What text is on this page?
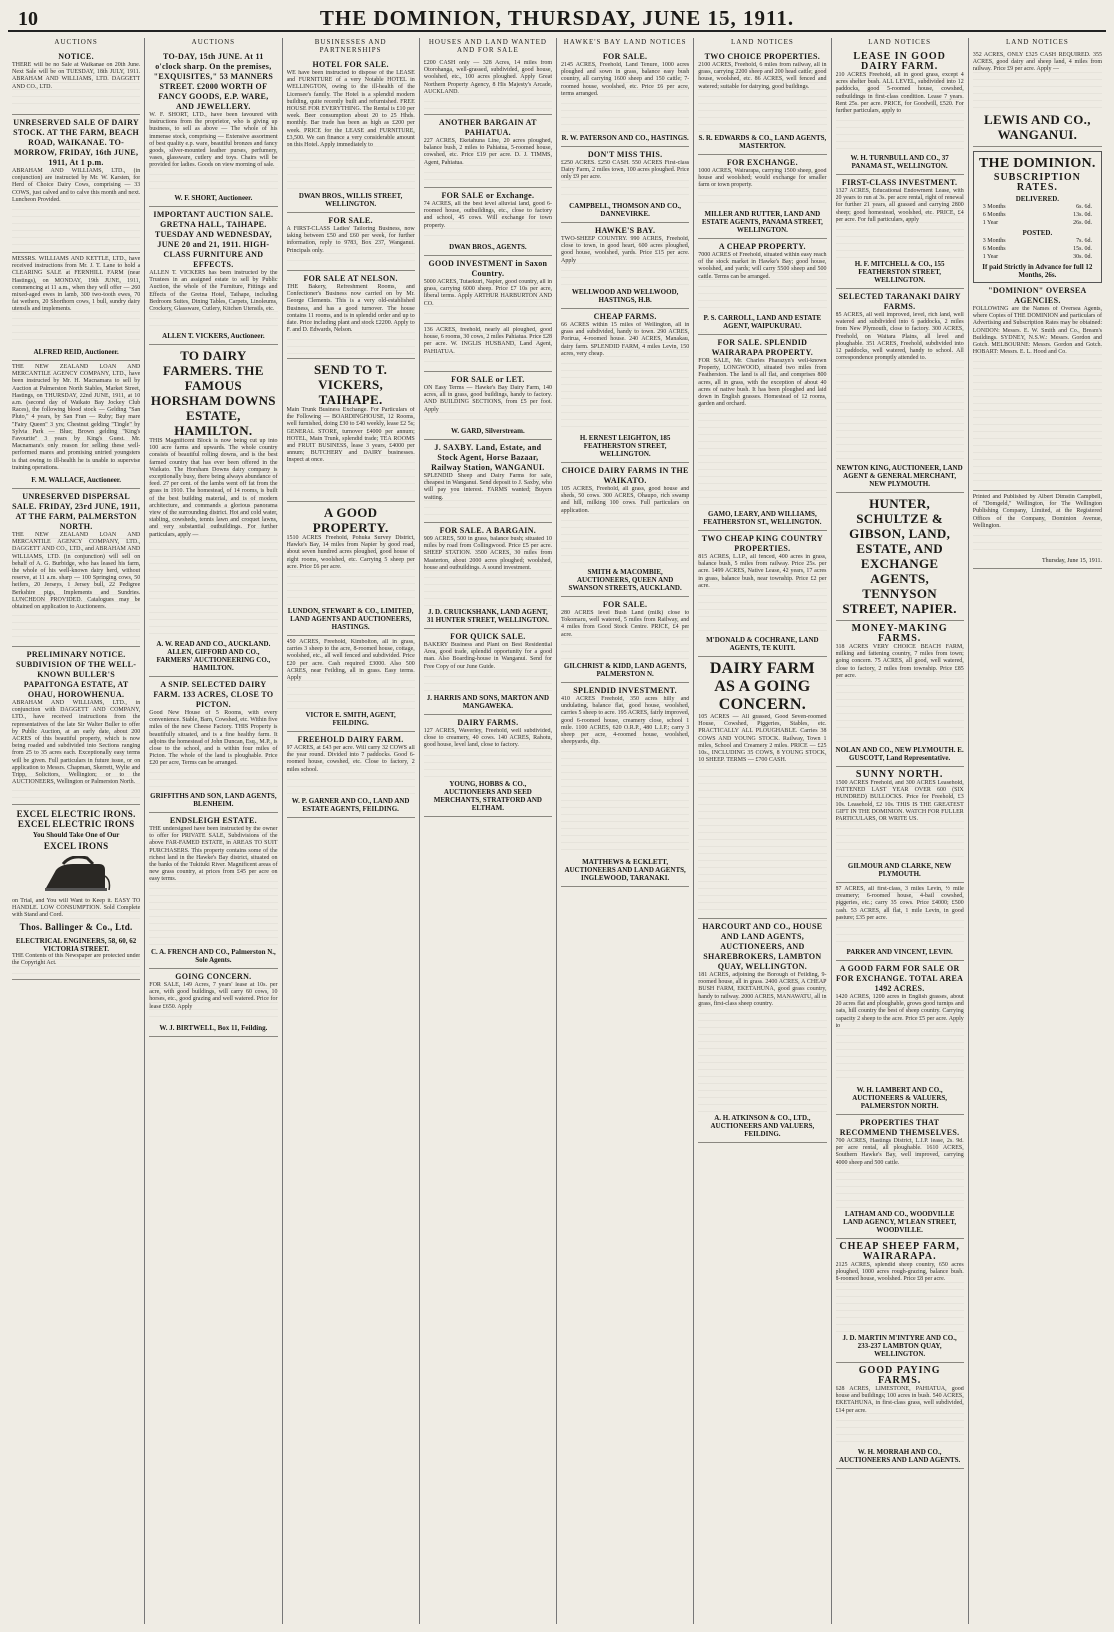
10	THE DOMINION, THURSDAY, JUNE 15, 1911.
AUCTIONS
NOTICE.
THERE will be no Sale at Waikanae on 20th June. Next Sale will be on TUESDAY, 18th JULY, 1911. ABRAHAM AND WILLIAMS, LTD. DAGGETT AND CO., LTD.
UNRESERVED SALE OF DAIRY STOCK. AT THE FARM, BEACH ROAD, WAIKANAE. TO-MORROW, FRIDAY, 16th JUNE, 1911, At 1 p.m.
ABRAHAM AND WILLIAMS, LTD., (in conjunction) are instructed by Mr. W. Karsten, for Herd of Choice Dairy Cows, comprising — 33 COWS, just calved and to calve this month and next. Luncheon Provided.
MESSRS. WILLIAMS AND KETTLE, LTD., have received instructions from Mr. J. T. Lane to hold a CLEARING SALE at FERNHILL FARM (near Hastings), on MONDAY, 19th JUNE, 1911, commencing at 11 a.m., when they will offer — 260 mixed-aged ewes in lamb, 300 two-tooth ewes, 70 fat wethers, 20 Shorthorn cows, 1 bull, sundry dairy utensils and implements.
ALFRED REID, Auctioneer.
THE NEW ZEALAND LOAN AND MERCANTILE AGENCY COMPANY, LTD., have been instructed by Mr. H. Macnamara to sell by Auction at Palmerston North Stables, Market Street, Hastings, on THURSDAY, 22nd JUNE, 1911, at 10 a.m. (second day of Waikato Bay Jockey Club Races), the following blood stock — Gelding "San Pluto," 4 years, by San Fran — Ruby; Bay mare "Fairy Queen" 3 yrs; Chestnut gelding "Tingle" by Sylvia Park — Blue; Brown gelding "King's Favourite" 3 years by King's Guest. Mr. Macnamara's only reason for selling these well-performed mares and promising untried youngsters is that owing to ill-health he is unable to supervise training operations.
F. M. WALLACE, Auctioneer.
UNRESERVED DISPERSAL SALE. FRIDAY, 23rd JUNE, 1911, AT THE FARM, PALMERSTON NORTH.
THE NEW ZEALAND LOAN AND MERCANTILE AGENCY COMPANY, LTD., DAGGETT AND CO., LTD., and ABRAHAM AND WILLIAMS, LTD. (in conjunction) will sell on behalf of A. G. Burbidge, who has leased his farm, the whole of his well-known dairy herd, without reserve, at 11 a.m. sharp — 100 Springing cows, 50 heifers, 20 Jerseys, 1 Jersey bull, 22 Pedigree Berkshire pigs, Implements and Sundries. LUNCHEON PROVIDED. Catalogues may be obtained on application to Auctioneers.
PRELIMINARY NOTICE. SUBDIVISION OF THE WELL-KNOWN BULLER'S PAPAITONGA ESTATE, AT OHAU, HOROWHENUA.
ABRAHAM AND WILLIAMS, LTD., in conjunction with DAGGETT AND COMPANY, LTD., have received instructions from the representatives of the late Sir Walter Buller to offer by Public Auction, at an early date, about 200 ACRES of this beautiful property, which is now being roaded and subdivided into Sections ranging from 25 to 35 acres each. Exceptionally easy terms will be given. Full particulars in future issue, or on application to Messrs. Chapman, Skerrett, Wylie and Tripp, Solicitors, Wellington; or to the AUCTIONEERS, Wellington or Palmerston North.
EXCEL ELECTRIC IRONS.
EXCEL ELECTRIC IRONS
You Should Take One of Our
EXCEL IRONS
on Trial, and You will Want to Keep it. EASY TO HANDLE. LOW CONSUMPTION. Sold Complete with Stand and Cord.
Thos. Ballinger & Co., Ltd.
ELECTRICAL ENGINEERS, 58, 60, 62 VICTORIA STREET.
THE Contents of this Newspaper are protected under the Copyright Act.
AUCTIONS
TO-DAY, 15th JUNE. At 11 o'clock sharp. On the premises, "EXQUISITES," 53 MANNERS STREET. £2000 WORTH OF FANCY GOODS, E.P. WARE, AND JEWELLERY.
W. F. SHORT, LTD., have been favoured with instructions from the proprietor, who is giving up business, to sell as above — The whole of his immense stock, comprising — Extensive assortment of best quality e.p. ware, beautiful bronzes and fancy goods, silver-mounted leather purses, perfumery, vases, glassware, cutlery and toys. Chairs will be provided for ladies. Goods on view morning of sale.
W. F. SHORT, Auctioneer.
IMPORTANT AUCTION SALE. GRETNA HALL, TAIHAPE. TUESDAY AND WEDNESDAY, JUNE 20 and 21, 1911. HIGH-CLASS FURNITURE AND EFFECTS.
ALLEN T. VICKERS has been instructed by the Trustees in an assigned estate to sell by Public Auction, the whole of the Furniture, Fittings and Effects of the Gretna Hotel, Taihape, including Bedroom Suites, Dining Tables, Carpets, Linoleums, Crockery, Glassware, Cutlery, Kitchen Utensils, etc.
ALLEN T. VICKERS, Auctioneer.
TO DAIRY FARMERS. THE FAMOUS HORSHAM DOWNS ESTATE, HAMILTON.
THIS Magnificent Block is now being cut up into 100 acre farms and upwards. The whole country consists of beautiful rolling downs, and is the best farmed country that has ever been offered in the Waikato. The Horsham Downs dairy company is exceptionally busy, there being always abundance of feed. 27 per cent. of the lambs went off fat from the grass in 1910. The homestead, of 14 rooms, is built of the best building material, and is of modern architecture, and commands a glorious panorama view of the surrounding district. Hot and cold water, stabling, cowsheds, tennis lawn and croquet lawns, and very substantial outbuildings. For further particulars, apply —
A. W. READ AND CO., AUCKLAND. ALLEN, GIFFORD AND CO., FARMERS' AUCTIONEERING CO., HAMILTON.
A SNIP. SELECTED DAIRY FARM. 133 ACRES, CLOSE TO PICTON.
Good New House of 5 Rooms, with every convenience. Stable, Barn, Cowshed, etc. Within five miles of the new Cheese Factory. THIS Property is beautifully situated, and is a fine healthy farm. It adjoins the homestead of John Duncan, Esq., M.P., is close to the school, and is within four miles of Picton. The whole of the land is ploughable. Price £20 per acre, Terms can be arranged.
GRIFFITHS AND SON, LAND AGENTS, BLENHEIM.
ENDSLEIGH ESTATE.
THE undersigned have been instructed by the owner to offer for PRIVATE SALE, Subdivisions of the above FAR-FAMED ESTATE, in AREAS TO SUIT PURCHASERS. This property contains some of the richest land in the Hawke's Bay district, situated on the banks of the Tukituki River. Magnificent areas of new grass country, at prices from £45 per acre on easy terms.
C. A. FRENCH AND CO., Palmerston N., Sole Agents.
GOING CONCERN.
FOR SALE, 149 Acres, 7 years' lease at 10s. per acre, with good buildings, will carry 60 cows, 10 horses, etc., good grazing and well watered. Price for lease £650. Apply
W. J. BIRTWELL, Box 11, Feilding.
BUSINESSES AND PARTNERSHIPS
HOTEL FOR SALE.
WE have been instructed to dispose of the LEASE and FURNITURE of a very Notable HOTEL in WELLINGTON, owing to the ill-health of the Licensee's family. The Hotel is a splendid modern building, quite recently built and refurnished. FREE HOUSE FOR EVERYTHING. The Rental is £10 per week. Beer consumption about 20 to 25 Hhds. monthly. Bar trade has been as high as £200 per week. PRICE for the LEASE and FURNITURE, £3,500. We can finance a very considerable amount on this Hotel. Apply immediately to
DWAN BROS., WILLIS STREET, WELLINGTON.
FOR SALE.
A FIRST-CLASS Ladies' Tailoring Business, now taking between £50 and £60 per week, for further information, reply to 9783, Box 237, Wanganui. Principals only.
FOR SALE AT NELSON.
THE Bakery, Refreshment Rooms, and Confectioner's Business now carried on by Mr. George Clements. This is a very old-established Business, and has a good turnover. The house contains 11 rooms, and is in splendid order and up to date. Price including plant and stock £2200. Apply to F. and D. Edwards, Nelson.
SEND TO T. VICKERS, TAIHAPE.
Main Trunk Business Exchange. For Particulars of the Following — BOARDINGHOUSE, 12 Rooms, well furnished, doing £30 to £40 weekly, lease £2 5s; GENERAL STORE, turnover £4000 per annum; HOTEL, Main Trunk, splendid trade; TEA ROOMS and FRUIT BUSINESS, lease 3 years, £4000 per annum; BUTCHERY and DAIRY businesses. Inspect at once.
A GOOD PROPERTY.
1510 ACRES Freehold, Pohuka Survey District, Hawke's Bay, 14 miles from Napier by good road, about seven hundred acres ploughed, good house of eight rooms, woolshed, etc. Carrying 5 sheep per acre. Price £6 per acre.
LUNDON, STEWART & CO., LIMITED, LAND AGENTS AND AUCTIONEERS, HASTINGS.
450 ACRES, Freehold, Kimbolton, all in grass, carries 3 sheep to the acre, 8-roomed house, cottage, woolshed, etc., all well fenced and subdivided. Price £20 per acre. Cash required £3000. Also 500 ACRES, near Feilding, all in grass. Easy terms. Apply
VICTOR E. SMITH, AGENT, FEILDING.
FREEHOLD DAIRY FARM.
97 ACRES, at £43 per acre. Will carry 32 COWS all the year round. Divided into 7 paddocks. Good 6-roomed house, cowshed, etc. Close to factory, 2 miles school.
W. P. GARNER AND CO., LAND AND ESTATE AGENTS, FEILDING.
HOUSES AND LAND WANTED AND FOR SALE
£200 CASH only — 328 Acres, 14 miles from Otorohanga, well-grassed, subdivided, good house, woolshed, etc., 100 acres ploughed. Apply Great Northern Property Agency, 8 His Majesty's Arcade, AUCKLAND.
ANOTHER BARGAIN AT PAHIATUA.
227 ACRES, Eketahuna Line, 20 acres ploughed, balance bush, 2 miles to Pahiatua, 5-roomed house, cowshed, etc. Price £19 per acre. D. J. TIMMS, Agent, Pahiatua.
FOR SALE or Exchange.
74 ACRES, all the best level alluvial land, good 6-roomed house, outbuildings, etc., close to factory and school, 45 cows. Will exchange for town property.
DWAN BROS., AGENTS.
GOOD INVESTMENT in Saxon Country.
5000 ACRES, Tutaekuri, Napier, good country, all in grass, carrying 6000 sheep. Price £7 10s per acre, liberal terms. Apply ARTHUR HARBURTON AND CO.
136 ACRES, freehold, nearly all ploughed, good house, 6 rooms, 30 cows, 2 miles Pahiatua. Price £28 per acre. W. INGLIS HUSBAND, Land Agent, PAHIATUA.
FOR SALE or LET.
ON Easy Terms — Hawke's Bay Dairy Farm, 140 acres, all in grass, good buildings, handy to factory. AND BUILDING SECTIONS, from £5 per foot. Apply
W. GARD, Silverstream.
J. SAXBY. Land, Estate, and Stock Agent, Horse Bazaar, Railway Station, WANGANUI.
SPLENDID Sheep and Dairy Farms for sale, cheapest in Wanganui. Send deposit to J. Saxby, who will pay you interest. FARMS wanted; Buyers waiting.
FOR SALE. A BARGAIN.
909 ACRES, 500 in grass, balance bush; situated 10 miles by road from Collingwood. Price £5 per acre. SHEEP STATION. 3500 ACRES, 30 miles from Masterton, about 2000 acres ploughed; woolshed, house and outbuildings. A sound investment.
J. D. CRUICKSHANK, LAND AGENT, 31 HUNTER STREET, WELLINGTON.
FOR QUICK SALE.
BAKERY Business and Plant on Best Residential Area, good trade, splendid opportunity for a good man. Also Boarding-house in Wanganui. Send for Free Copy of our June Guide.
J. HARRIS AND SONS, MARTON AND MANGAWEKA.
DAIRY FARMS.
127 ACRES, Waverley, Freehold, well subdivided, close to creamery, 40 cows. 140 ACRES, Rahotu, good house, level land, close to factory.
YOUNG, HOBBS & CO., AUCTIONEERS AND SEED MERCHANTS, STRATFORD AND ELTHAM.
HAWKE'S BAY LAND NOTICES
FOR SALE.
2145 ACRES, Freehold, Land Tenure, 1000 acres ploughed and sown in grass, balance easy bush country, all carrying 1600 sheep and 150 cattle; 7-roomed house, woolshed, etc. Price £6 per acre, terms arranged.
R. W. PATERSON AND CO., HASTINGS.
DON'T MISS THIS.
£250 ACRES. £250 CASH. 550 ACRES First-class Dairy Farm, 2 miles town, 100 acres ploughed. Price only £9 per acre.
CAMPBELL, THOMSON AND CO., DANNEVIRKE.
HAWKE'S BAY.
TWO-SHEEP COUNTRY. 990 ACRES, Freehold, close to town, in good heart, 600 acres ploughed, good house, woolshed, yards. Price £15 per acre. Apply
WELLWOOD AND WELLWOOD, HASTINGS, H.B.
CHEAP FARMS.
66 ACRES within 15 miles of Wellington, all in grass and subdivided, handy to town. 290 ACRES, Porirua, 4-roomed house. 240 ACRES, Manakau, dairy farm. SPLENDID FARM, 4 miles Levin, 150 acres, very cheap.
H. ERNEST LEIGHTON, 185 FEATHERSTON STREET, WELLINGTON.
CHOICE DAIRY FARMS IN THE WAIKATO.
105 ACRES, Freehold, all grass, good house and sheds, 50 cows. 300 ACRES, Ohaupo, rich swamp and hill, milking 100 cows. Full particulars on application.
SMITH & MACOMBIE, AUCTIONEERS, QUEEN AND SWANSON STREETS, AUCKLAND.
FOR SALE.
280 ACRES level Bush Land (milk) close to Tokomaru, well watered, 5 miles from Railway, and 4 miles from Good Stock Centre. PRICE, £4 per acre.
GILCHRIST & KIDD, LAND AGENTS, PALMERSTON N.
SPLENDID INVESTMENT.
410 ACRES Freehold, 350 acres hilly and undulating, balance flat, good house, woolshed, carries 5 sheep to acre. 195 ACRES, fairly improved, good 6-roomed house, creamery close, school 1 mile. 1100 ACRES, 620 O.R.P., 480 L.I.P.; carry 3 sheep per acre, 4-roomed house, woolshed, sheepyards, dip.
MATTHEWS & ECKLETT, AUCTIONEERS AND LAND AGENTS, INGLEWOOD, TARANAKI.
LAND NOTICES
TWO CHOICE PROPERTIES.
2100 ACRES, Freehold, 6 miles from railway, all in grass, carrying 2200 sheep and 200 head cattle; good house, woolshed, etc. 86 ACRES, well fenced and watered; suitable for dairying, good buildings.
S. R. EDWARDS & CO., LAND AGENTS, MASTERTON.
FOR EXCHANGE.
1000 ACRES, Wairarapa, carrying 1500 sheep, good house and woolshed; would exchange for smaller farm or town property.
MILLER AND RUTTER, LAND AND ESTATE AGENTS, PANAMA STREET, WELLINGTON.
A CHEAP PROPERTY.
7000 ACRES of Freehold, situated within easy reach of the stock market in Hawke's Bay; good house, woolshed, and yards; will carry 5500 sheep and 500 cattle. Terms can be arranged.
P. S. CARROLL, LAND AND ESTATE AGENT, WAIPUKURAU.
FOR SALE. SPLENDID WAIRARAPA PROPERTY.
FOR SALE, Mr. Charles Pharazyn's well-known Property, LONGWOOD, situated two miles from Featherston. The land is all flat, and comprises 800 acres, all in grass, with the exception of about 40 acres of native bush. It has been ploughed and laid down in English grasses. Homestead of 12 rooms, garden and orchard.
GAMO, LEARY, AND WILLIAMS, FEATHERSTON ST., WELLINGTON.
TWO CHEAP KING COUNTRY PROPERTIES.
815 ACRES, L.I.P., all fenced, 400 acres in grass, balance bush, 5 miles from railway. Price 25s. per acre. 1499 ACRES, Native Lease, 42 years, 17 acres in grass, balance bush, near township. Price £2 per acre.
M'DONALD & COCHRANE, LAND AGENTS, TE KUITI.
DAIRY FARM AS A GOING CONCERN.
105 ACRES — All grassed, Good Seven-roomed House, Cowshed, Piggeries, Stables, etc. PRACTICALLY ALL PLOUGHABLE. Carries 38 COWS AND YOUNG STOCK. Railway, Town 1 miles, School and Creamery 2 miles. PRICE — £25 10s., INCLUDING 35 COWS, 8 YOUNG STOCK, 10 SHEEP. TERMS — £700 CASH.
HARCOURT AND CO., HOUSE AND LAND AGENTS, AUCTIONEERS, AND SHAREBROKERS, LAMBTON QUAY, WELLINGTON.
181 ACRES, adjoining the Borough of Feilding, 9-roomed house, all in grass. 2400 ACRES, A CHEAP BUSH FARM, EKETAHUNA, good grass country, handy to railway. 2000 ACRES, MANAWATU, all in grass, first-class sheep country.
A. H. ATKINSON & CO., LTD., AUCTIONEERS AND VALUERS, FEILDING.
LAND NOTICES
LEASE IN GOOD DAIRY FARM.
210 ACRES Freehold, all in good grass, except 4 acres shelter bush. ALL LEVEL, subdivided into 12 paddocks, good 5-roomed house, cowshed, outbuildings in first-class condition. Lease 7 years. Rent 25s. per acre. PRICE, for Goodwill, £520. For further particulars, apply to
W. H. TURNBULL AND CO., 37 PANAMA ST., WELLINGTON.
FIRST-CLASS INVESTMENT.
1327 ACRES, Educational Endowment Lease, with 20 years to run at 3s. per acre rental, right of renewal for further 21 years, all grassed and carrying 2800 sheep; good homestead, woolshed, etc. PRICE, £4 per acre. For full particulars, apply
H. F. MITCHELL & CO., 155 FEATHERSTON STREET, WELLINGTON.
SELECTED TARANAKI DAIRY FARMS.
85 ACRES, all well improved, level, rich land, well watered and subdivided into 6 paddocks, 2 miles from New Plymouth, close to factory. 300 ACRES, Freehold, on Waitara Plains, all level and ploughable. 351 ACRES, Freehold, subdivided into 12 paddocks, well watered, handy to school. All correspondence promptly attended to.
NEWTON KING, AUCTIONEER, LAND AGENT & GENERAL MERCHANT, NEW PLYMOUTH.
HUNTER, SCHULTZE & GIBSON, LAND, ESTATE, AND EXCHANGE AGENTS, TENNYSON STREET, NAPIER.
MONEY-MAKING FARMS.
318 ACRES VERY CHOICE BEACH FARM, milking and fattening country, 7 miles from town; going concern. 75 ACRES, all good, well watered, close to factory, 2 miles from township. Price £85 per acre.
NOLAN AND CO., NEW PLYMOUTH. E. GUSCOTT, Land Representative.
SUNNY NORTH.
1500 ACRES Freehold, and 300 ACRES Leasehold, FATTENED LAST YEAR OVER 600 (SIX HUNDRED) BULLOCKS. Price for Freehold, £3 10s. Leasehold, £2 10s. THIS IS THE GREATEST GIFT IN THE DOMINION. WATCH FOR FULLER PARTICULARS, OR WRITE US.
GILMOUR AND CLARKE, NEW PLYMOUTH.
87 ACRES, all first-class, 3 miles Levin, ½ mile creamery; 6-roomed house, 4-bail cowshed, piggeries, etc.; carry 35 cows. Price £4000; £500 cash. 53 ACRES, all flat, 1 mile Levin, in good pasture; £35 per acre.
PARKER AND VINCENT, LEVIN.
A GOOD FARM FOR SALE OR FOR EXCHANGE. TOTAL AREA 1492 ACRES.
1420 ACRES, 1200 acres in English grasses, about 20 acres flat and ploughable, grows good turnips and oats, hill country the best of sheep country. Carrying capacity 2 sheep to the acre. Price £5 per acre. Apply to
W. H. LAMBERT AND CO., AUCTIONEERS & VALUERS, PALMERSTON NORTH.
PROPERTIES THAT RECOMMEND THEMSELVES.
700 ACRES, Hastings District, L.I.P. lease, 2s. 9d. per acre rental, all ploughable. 1610 ACRES, Southern Hawke's Bay, well improved, carrying 4000 sheep and 500 cattle.
LATHAM AND CO., WOODVILLE LAND AGENCY, M'LEAN STREET, WOODVILLE.
CHEAP SHEEP FARM, WAIRARAPA.
2125 ACRES, splendid sheep country, 650 acres ploughed, 1000 acres rough-grazing, balance bush. 8-roomed house, woolshed. Price £8 per acre.
J. D. MARTIN M'INTYRE AND CO., 233-237 LAMBTON QUAY, WELLINGTON.
GOOD PAYING FARMS.
628 ACRES, LIMESTONE, PAHIATUA, good house and buildings; 100 acres in bush. 540 ACRES, EKETAHUNA, in first-class grass, well subdivided, £14 per acre.
W. H. MORRAH AND CO., AUCTIONEERS AND LAND AGENTS.
LAND NOTICES
352 ACRES, ONLY £325 CASH REQUIRED. 355 ACRES, good dairy and sheep land, 4 miles from railway. Price £9 per acre. Apply —
LEWIS AND CO., WANGANUI.
THE DOMINION.
SUBSCRIPTION RATES.
DELIVERED.
3 Months	6s. 6d.
6 Months	13s. 0d.
1 Year	26s. 0d.
POSTED.
3 Months	7s. 6d.
6 Months	15s. 0d.
1 Year	30s. 0d.
If paid Strictly in Advance for full 12 Months, 26s.
"DOMINION" OVERSEA AGENCIES.
FOLLOWING are the Names of Oversea Agents, where Copies of THE DOMINION and particulars of Advertising and Subscription Rates may be obtained: LONDON: Messrs. E. W. Smith and Co., Bream's Buildings. SYDNEY, N.S.W.: Messrs. Gordon and Gotch. MELBOURNE: Messrs. Gordon and Gotch. HOBART: Messrs. E. L. Hood and Co.
Printed and Published by Albert Dimstin Campbell, of "Domgeld," Wellington, for The Wellington Publishing Company, Limited, at the Registered Offices of the Company, Dominion Avenue, Wellington.
Thursday, June 15, 1911.
